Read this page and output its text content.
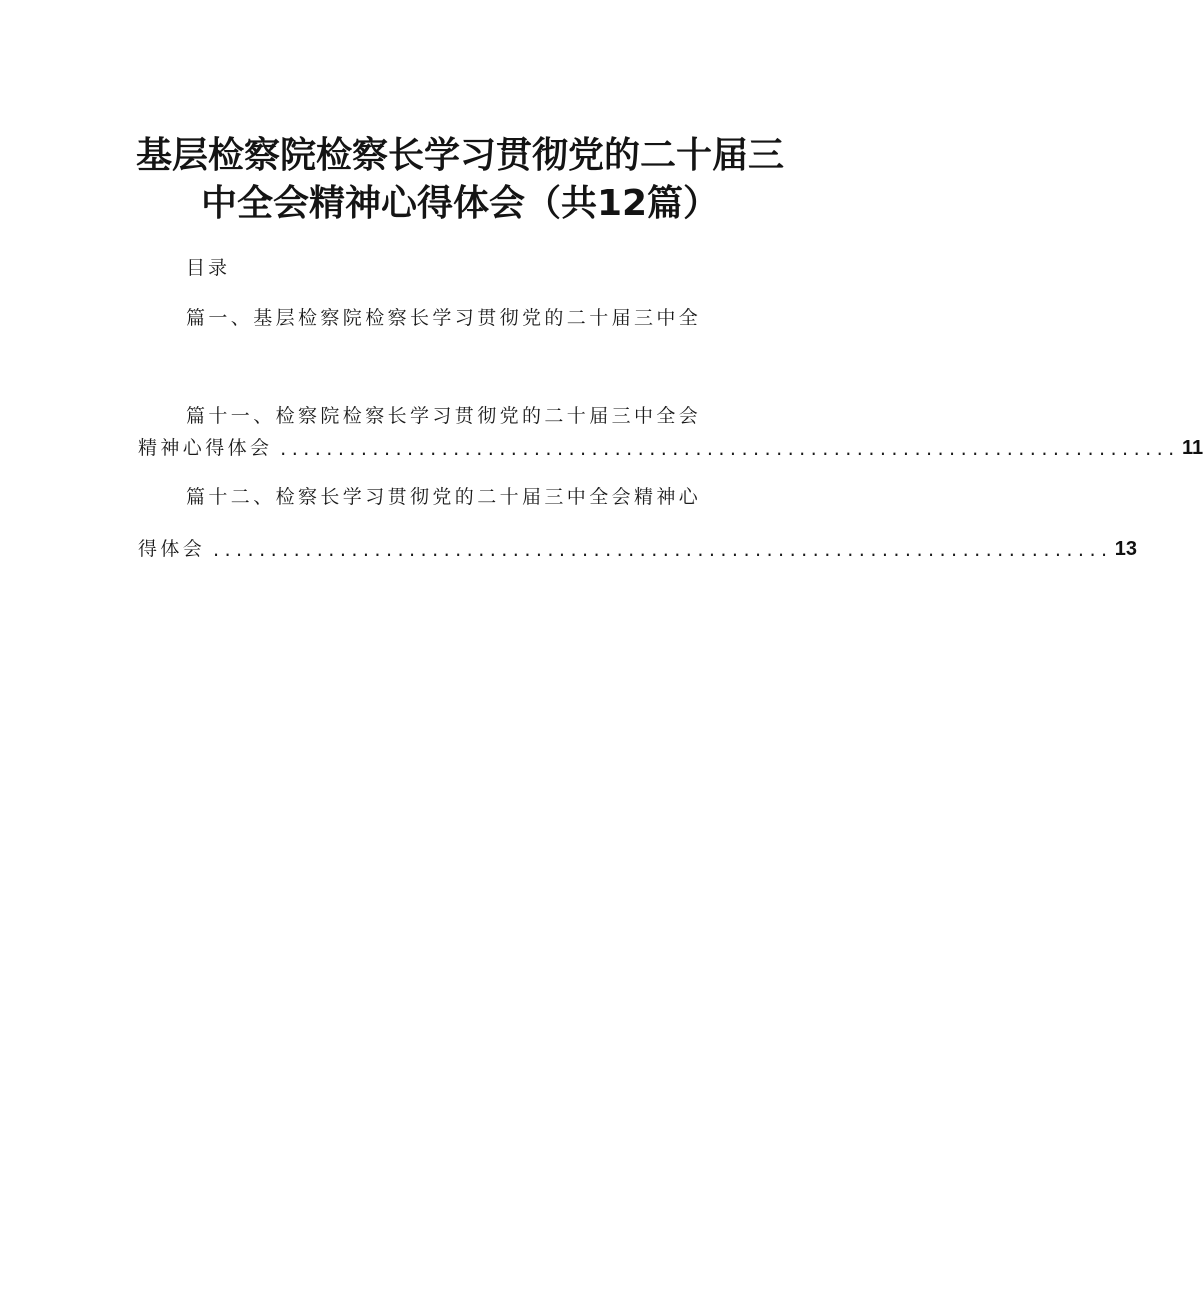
基层检察院检察长学习贯彻党的二十届三
中全会精神心得体会（共12篇）
目录
篇一、基层检察院检察长学习贯彻党的二十届三中全
篇十一、检察院检察长学习贯彻党的二十届三中全会
精神心得体会 .............................................................................. 11
篇十二、检察长学习贯彻党的二十届三中全会精神心
得体会 .............................................................................. 13
